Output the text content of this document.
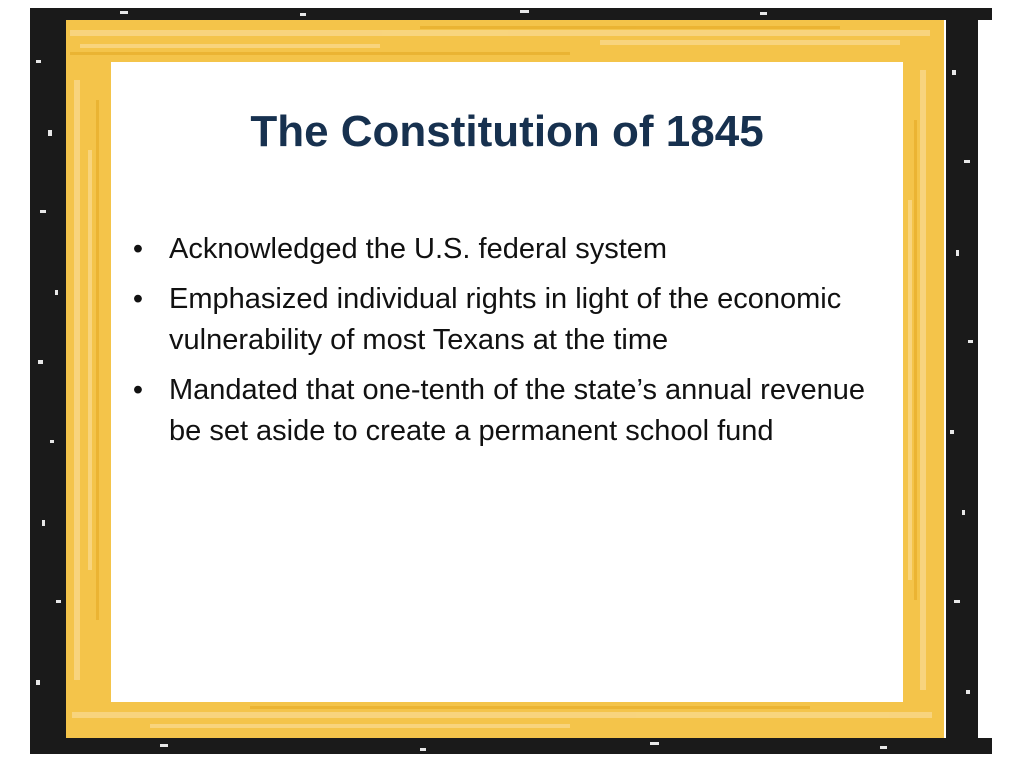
The Constitution of 1845
• Acknowledged the U.S. federal system
• Emphasized individual rights in light of the economic vulnerability of most Texans at the time
• Mandated that one-tenth of the state’s annual revenue be set aside to create a permanent school fund
